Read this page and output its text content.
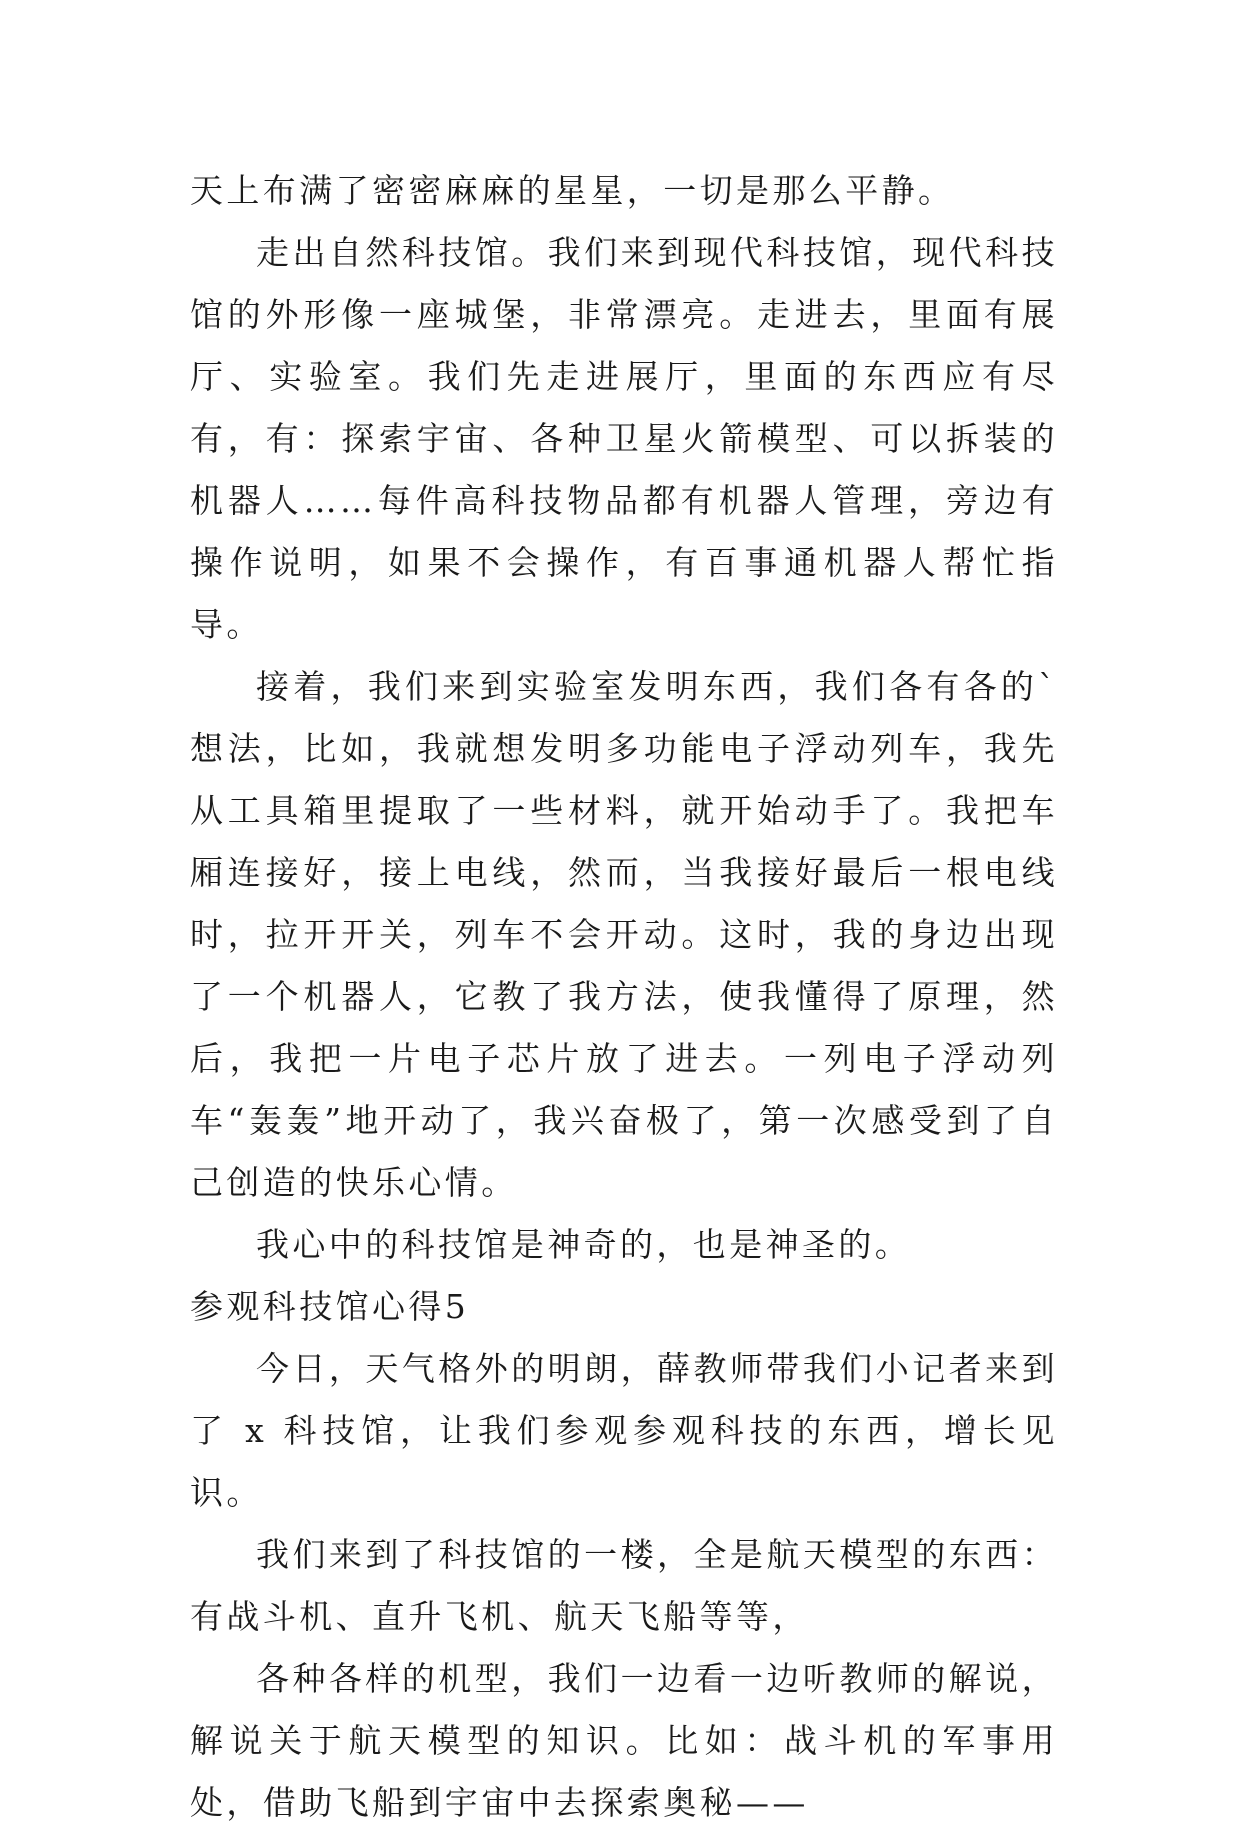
天上布满了密密麻麻的星星，一切是那么平静。

走出自然科技馆。我们来到现代科技馆，现代科技馆的外形像一座城堡，非常漂亮。走进去，里面有展厅、实验室。我们先走进展厅，里面的东西应有尽有，有：探索宇宙、各种卫星火箭模型、可以拆装的机器人……每件高科技物品都有机器人管理，旁边有操作说明，如果不会操作，有百事通机器人帮忙指导。

接着，我们来到实验室发明东西，我们各有各的`想法，比如，我就想发明多功能电子浮动列车，我先从工具箱里提取了一些材料，就开始动手了。我把车厢连接好，接上电线，然而，当我接好最后一根电线时，拉开开关，列车不会开动。这时，我的身边出现了一个机器人，它教了我方法，使我懂得了原理，然后，我把一片电子芯片放了进去。一列电子浮动列车“轰轰”地开动了，我兴奋极了，第一次感受到了自己创造的快乐心情。

我心中的科技馆是神奇的，也是神圣的。

参观科技馆心得5

今日，天气格外的明朗，薛教师带我们小记者来到了 x 科技馆，让我们参观参观科技的东西，增长见识。

我们来到了科技馆的一楼，全是航天模型的东西：有战斗机、直升飞机、航天飞船等等，

各种各样的机型，我们一边看一边听教师的解说，解说关于航天模型的知识。比如：战斗机的军事用处，借助飞船到宇宙中去探索奥秘——
